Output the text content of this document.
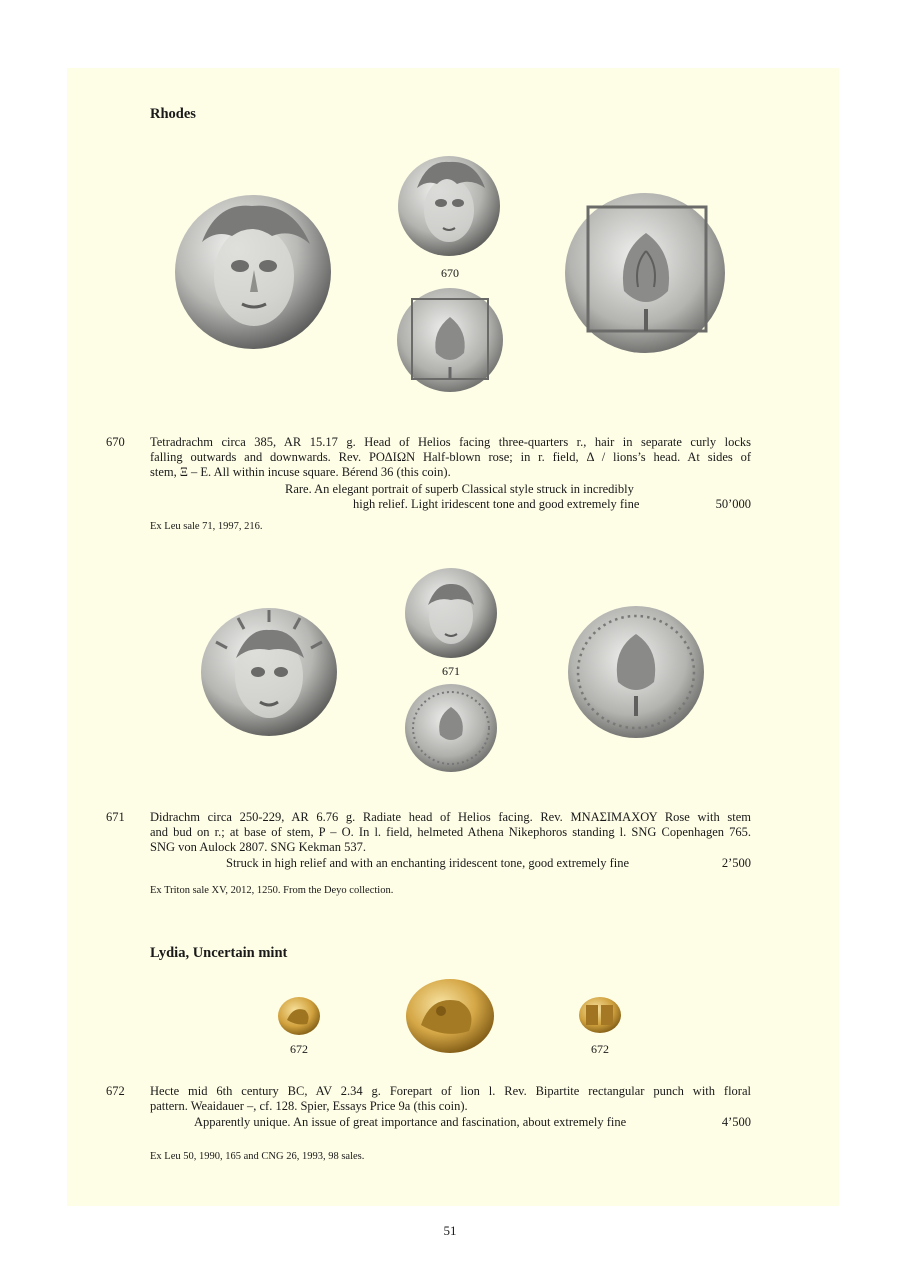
Rhodes
670
670 Tetradrachm circa 385, AR 15.17 g. Head of Helios facing three-quarters r., hair in separate curly locks

falling outwards and downwards. Rev. ΡΟΔΙΩΝ Half-blown rose; in r. field, Δ / lions’s head. At sides of

stem, Ξ – E. All within incuse square. Bérend 36 (this coin).

Rare. An elegant portrait of superb Classical style struck in incredibly
high relief. Light iridescent tone and good extremely fine	50’000
Ex Leu sale 71, 1997, 216.
671
671 Didrachm circa 250-229, AR 6.76 g. Radiate head of Helios facing. Rev. ΜΝΑΣΙΜΑΧΟΥ Rose with stem

and bud on r.; at base of stem, P – O. In l. field, helmeted Athena Nikephoros standing l. SNG Copenhagen 765.

SNG von Aulock 2807. SNG Kekman 537.

Struck in high relief and with an enchanting iridescent tone, good extremely fine	2’500
Ex Triton sale XV, 2012, 1250. From the Deyo collection.
Lydia, Uncertain mint
672	672
672 Hecte mid 6th century BC, AV 2.34 g. Forepart of lion l. Rev. Bipartite rectangular punch with floral

pattern. Weaidauer –, cf. 128. Spier, Essays Price 9a (this coin).

Apparently unique. An issue of great importance and fascination, about extremely fine	4’500
Ex Leu 50, 1990, 165 and CNG 26, 1993, 98 sales.
51
